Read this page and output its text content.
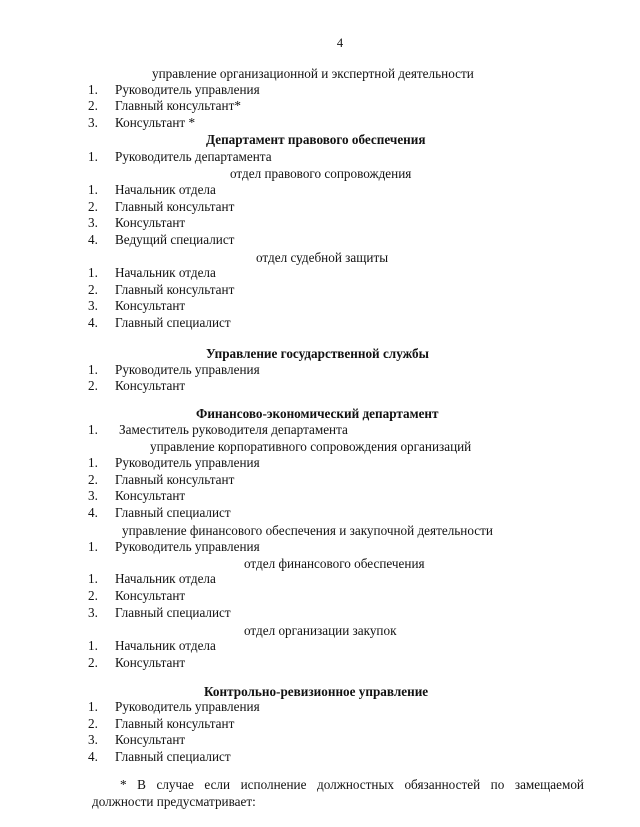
4
управление организационной и экспертной деятельности
1. Руководитель управления
2. Главный консультант*
3. Консультант *
Департамент правового обеспечения
1. Руководитель департамента
отдел правового сопровождения
1. Начальник отдела
2. Главный консультант
3. Консультант
4. Ведущий специалист
отдел судебной защиты
1. Начальник отдела
2. Главный консультант
3. Консультант
4. Главный специалист
Управление государственной службы
1. Руководитель управления
2. Консультант
Финансово-экономический департамент
1. Заместитель руководителя департамента
управление корпоративного сопровождения организаций
1. Руководитель управления
2. Главный консультант
3. Консультант
4. Главный специалист
управление финансового обеспечения и закупочной деятельности
1. Руководитель управления
отдел финансового обеспечения
1. Начальник отдела
2. Консультант
3. Главный специалист
отдел организации закупок
1. Начальник отдела
2. Консультант
Контрольно-ревизионное управление
1. Руководитель управления
2. Главный консультант
3. Консультант
4. Главный специалист
* В случае если исполнение должностных обязанностей по замещаемой должности предусматривает:
